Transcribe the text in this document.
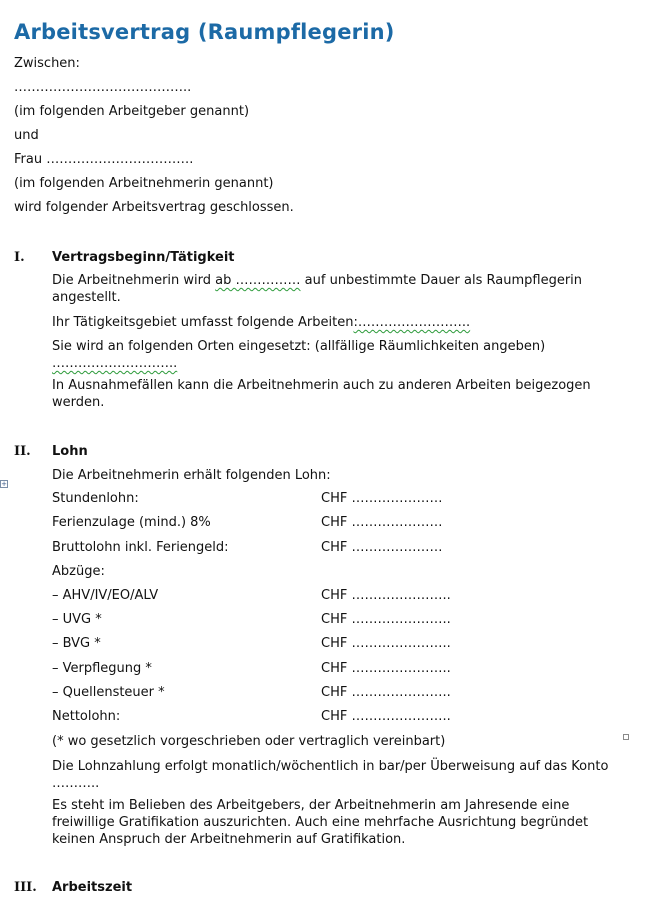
Arbeitsvertrag (Raumpflegerin)
Zwischen:
…………………………………..
(im folgenden Arbeitgeber genannt)
und
Frau …………………………….
(im folgenden Arbeitnehmerin genannt)
wird folgender Arbeitsvertrag geschlossen.
I. Vertragsbeginn/Tätigkeit
Die Arbeitnehmerin wird ab …………… auf unbestimmte Dauer als Raumpflegerin angestellt.
Ihr Tätigkeitsgebiet umfasst folgende Arbeiten:……………………..
Sie wird an folgenden Orten eingesetzt: (allfällige Räumlichkeiten angeben)
………………………..
In Ausnahmefällen kann die Arbeitnehmerin auch zu anderen Arbeiten beigezogen werden.
II. Lohn
Die Arbeitnehmerin erhält folgenden Lohn:
+
Stundenlohn:	CHF …………………
Ferienzulage (mind.) 8%	CHF …………………
Bruttolohn inkl. Feriengeld:	CHF …………………
Abzüge:
– AHV/IV/EO/ALV	CHF …………………..
– UVG *	CHF …………………..
– BVG *	CHF …………………..
– Verpflegung *	CHF …………………..
– Quellensteuer *	CHF …………………..
Nettolohn:	CHF …………………..
(* wo gesetzlich vorgeschrieben oder vertraglich vereinbart)
Die Lohnzahlung erfolgt monatlich/wöchentlich in bar/per Überweisung auf das Konto ………..
Es steht im Belieben des Arbeitgebers, der Arbeitnehmerin am Jahresende eine freiwillige Gratifikation auszurichten. Auch eine mehrfache Ausrichtung begründet keinen Anspruch der Arbeitnehmerin auf Gratifikation.
III. Arbeitszeit
